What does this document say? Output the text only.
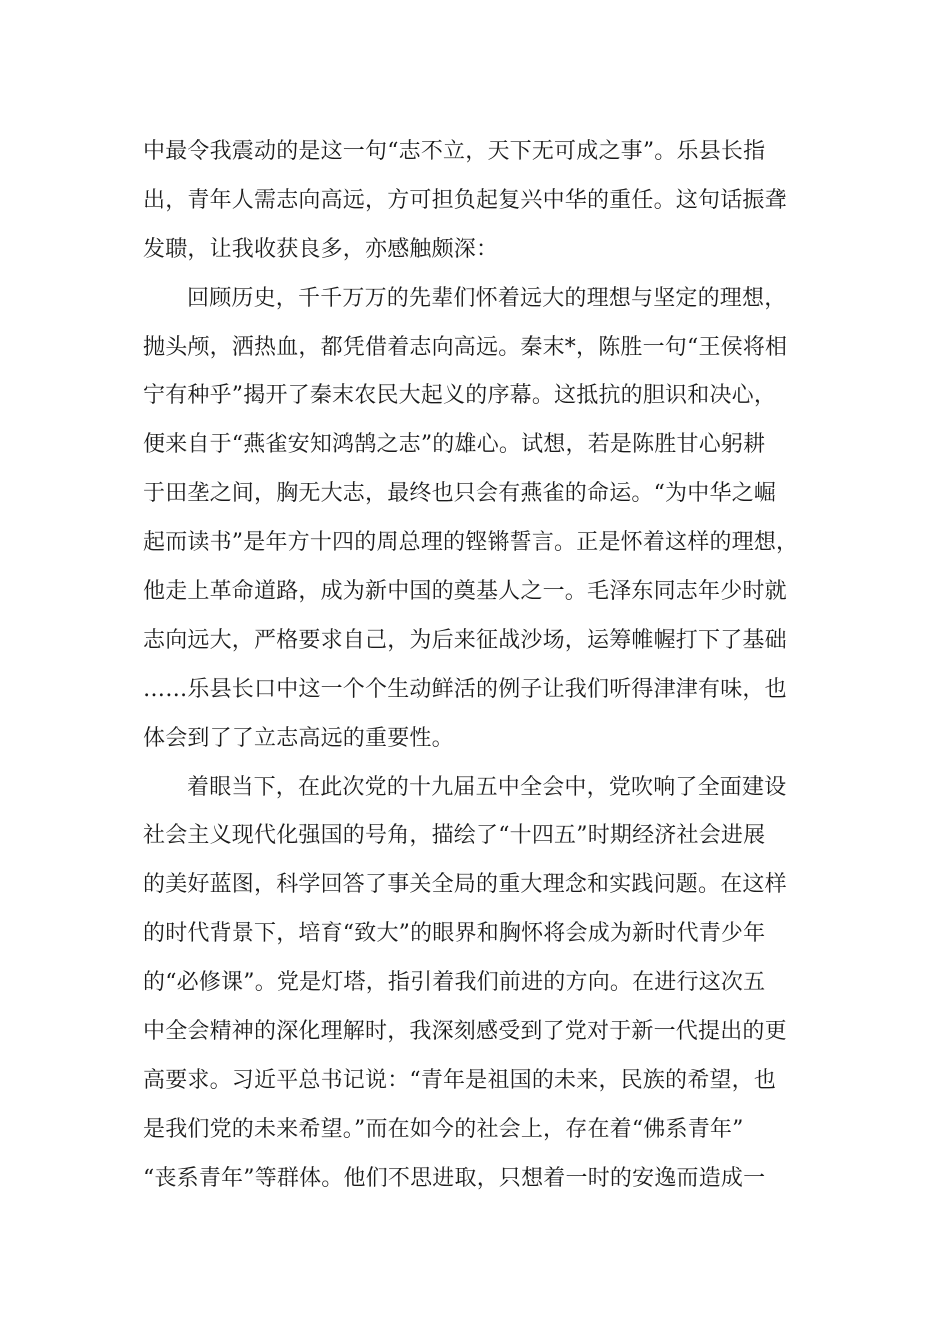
中最令我震动的是这一句“志不立，天下无可成之事”。乐县长指
出，青年人需志向高远，方可担负起复兴中华的重任。这句话振聋
发聩，让我收获良多，亦感触颇深：
回顾历史，千千万万的先辈们怀着远大的理想与坚定的理想，
抛头颅，洒热血，都凭借着志向高远。秦末*，陈胜一句“王侯将相
宁有种乎”揭开了秦末农民大起义的序幕。这抵抗的胆识和决心，
便来自于“燕雀安知鸿鹄之志”的雄心。试想，若是陈胜甘心躬耕
于田垄之间，胸无大志，最终也只会有燕雀的命运。“为中华之崛
起而读书”是年方十四的周总理的铿锵誓言。正是怀着这样的理想，
他走上革命道路，成为新中国的奠基人之一。毛泽东同志年少时就
志向远大，严格要求自己，为后来征战沙场，运筹帷幄打下了基础
……乐县长口中这一个个生动鲜活的例子让我们听得津津有味，也
体会到了了立志高远的重要性。
着眼当下，在此次党的十九届五中全会中，党吹响了全面建设
社会主义现代化强国的号角，描绘了“十四五”时期经济社会进展
的美好蓝图，科学回答了事关全局的重大理念和实践问题。在这样
的时代背景下，培育“致大”的眼界和胸怀将会成为新时代青少年
的“必修课”。党是灯塔，指引着我们前进的方向。在进行这次五
中全会精神的深化理解时，我深刻感受到了党对于新一代提出的更
高要求。习近平总书记说：“青年是祖国的未来，民族的希望，也
是我们党的未来希望。”而在如今的社会上，存在着“佛系青年”
“丧系青年”等群体。他们不思进取，只想着一时的安逸而造成一
